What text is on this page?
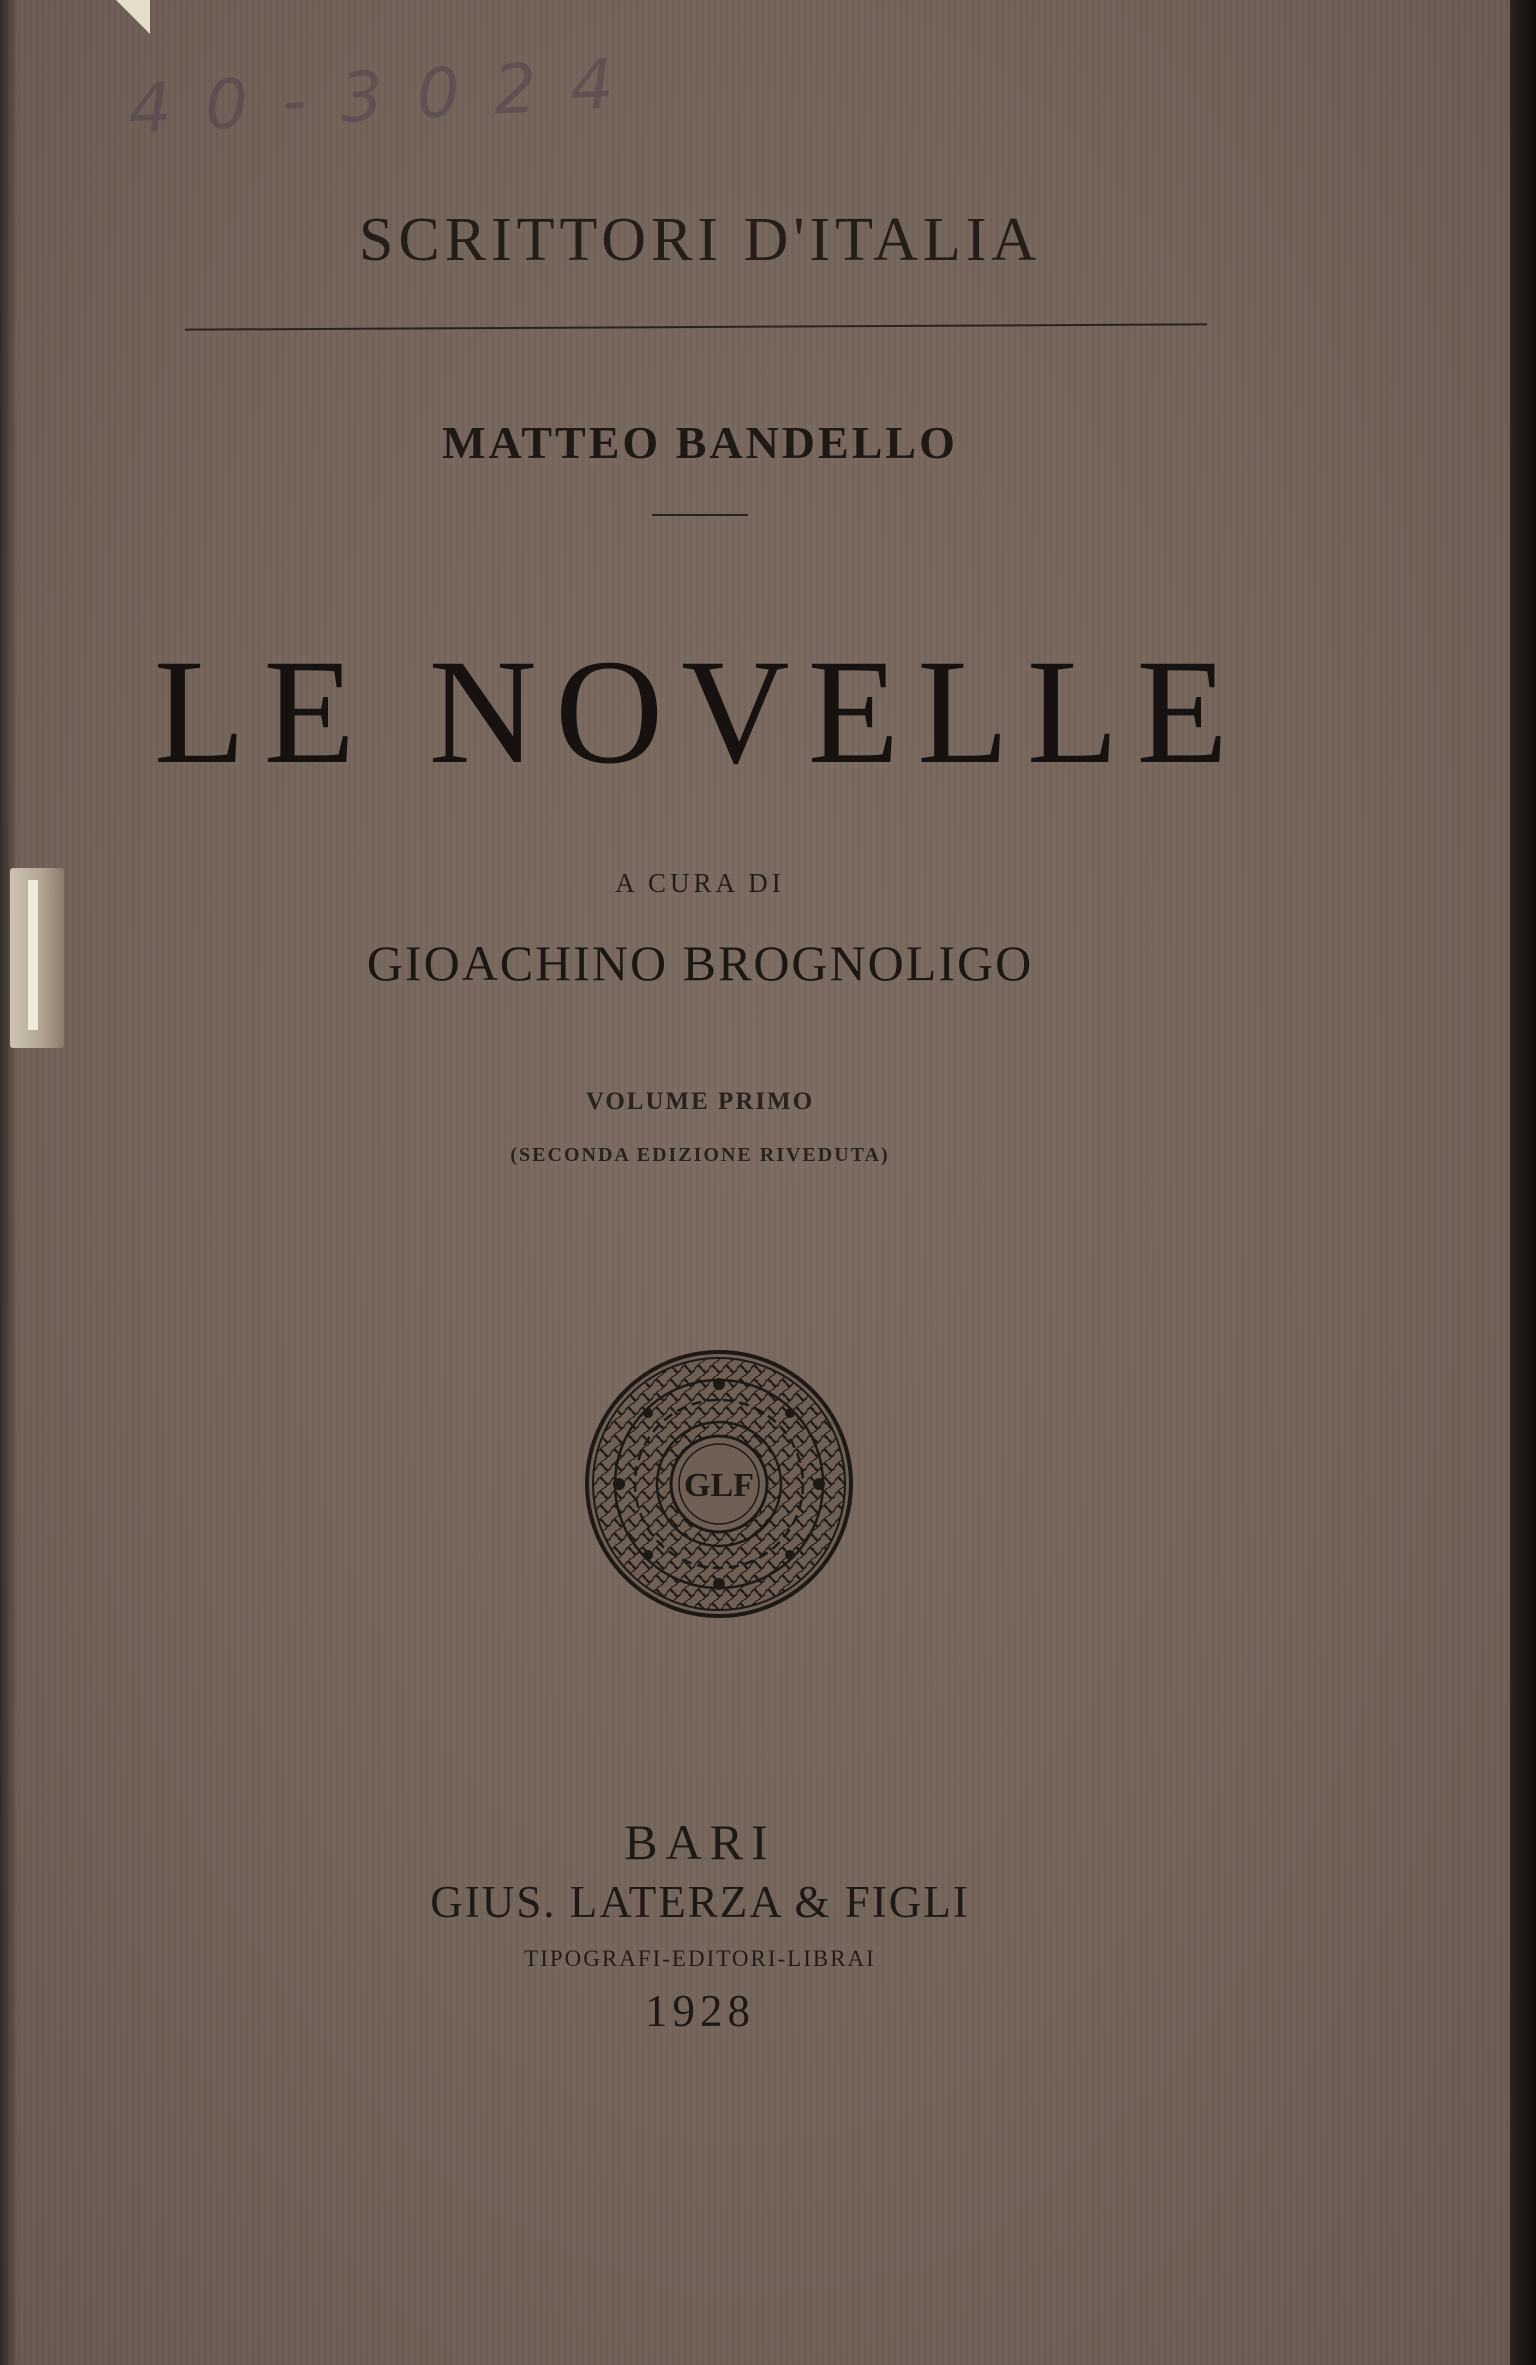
4 0 - 3 0 2 4

SCRITTORI D'ITALIA
MATTEO BANDELLO
LE NOVELLE

A CURA DI

GIOACHINO BROGNOLIGO

VOLUME PRIMO

(SECONDA EDIZIONE RIVEDUTA)

GLF

BARI

GIUS. LATERZA & FIGLI

TIPOGRAFI-EDITORI-LIBRAI

1928
